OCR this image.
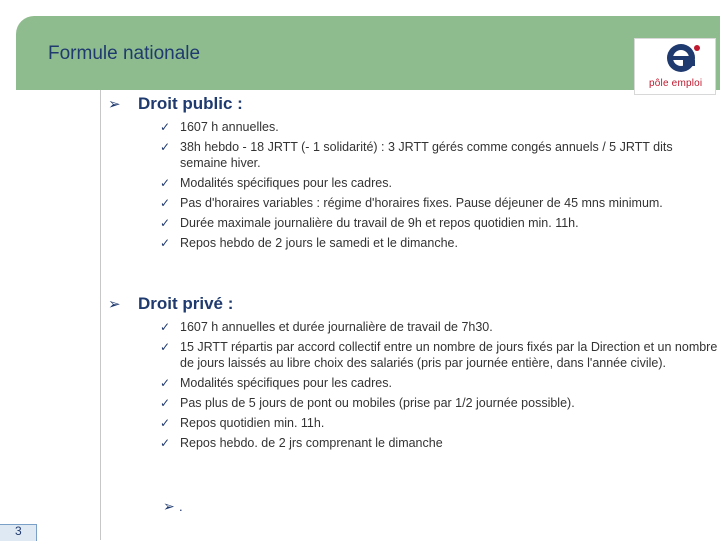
Formule nationale
pôle emploi
➢ Droit public :
✓ 1607 h annuelles.
✓ 38h hebdo - 18 JRTT (- 1 solidarité) : 3 JRTT gérés comme congés annuels / 5 JRTT dits semaine hiver.
✓ Modalités spécifiques pour les cadres.
✓ Pas d'horaires variables : régime d'horaires fixes. Pause déjeuner de 45 mns minimum.
✓ Durée maximale journalière du travail de 9h et repos quotidien min. 11h.
✓ Repos hebdo de 2 jours le samedi et le dimanche.
➢ Droit privé :
✓ 1607 h annuelles et durée journalière de travail de 7h30.
✓ 15 JRTT répartis par accord collectif entre un nombre de jours fixés par la Direction et un nombre de jours laissés au libre choix des salariés (pris par journée entière, dans l'année civile).
✓ Modalités spécifiques pour les cadres.
✓ Pas plus de 5 jours de pont ou mobiles (prise par 1/2 journée possible).
✓ Repos quotidien min. 11h.
✓ Repos hebdo. de 2 jrs comprenant le dimanche
➢ .
3
